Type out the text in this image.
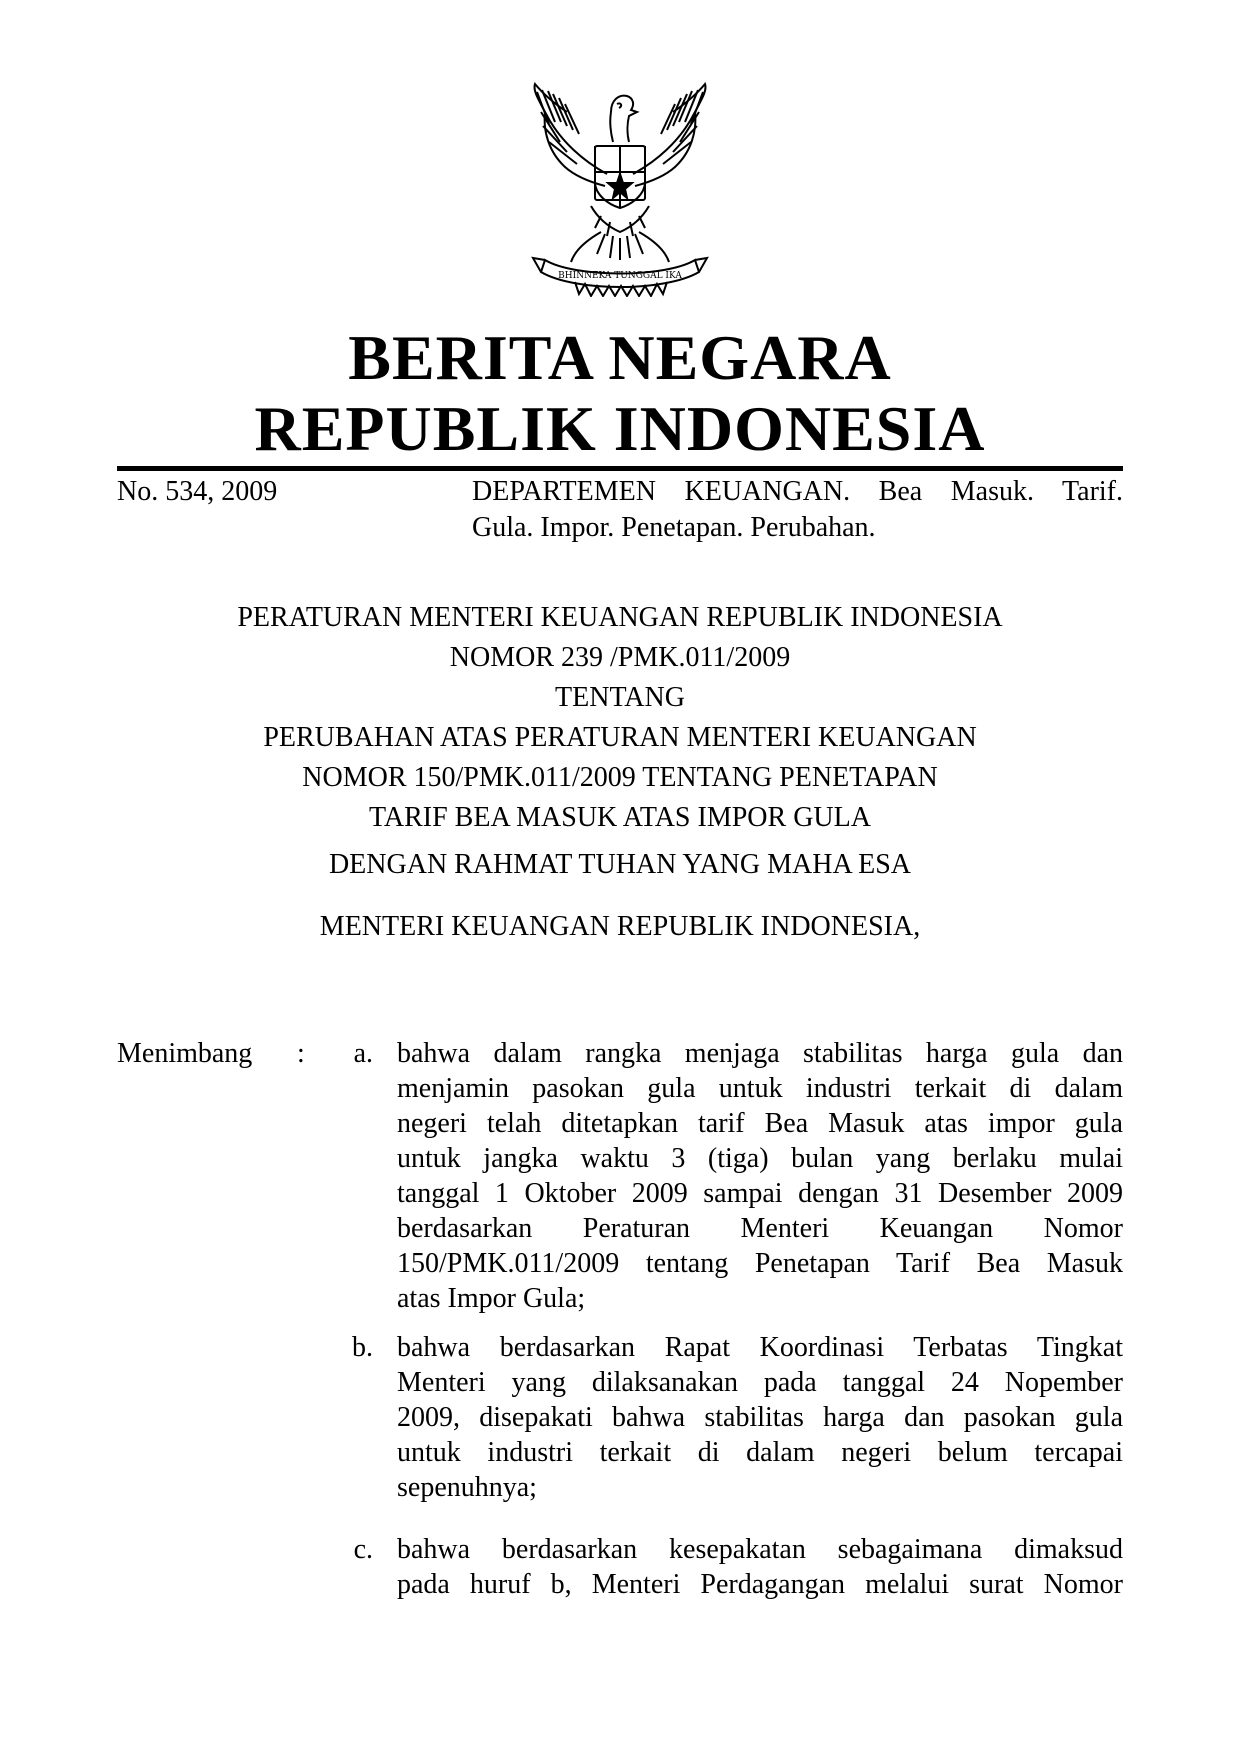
BHINNEKA TUNGGAL IKA
BERITA NEGARA
REPUBLIK INDONESIA
No. 534, 2009	DEPARTEMEN KEUANGAN. Bea Masuk. Tarif.
Gula. Impor. Penetapan. Perubahan.
PERATURAN MENTERI KEUANGAN REPUBLIK INDONESIA
NOMOR 239 /PMK.011/2009
TENTANG
PERUBAHAN ATAS PERATURAN MENTERI KEUANGAN
NOMOR 150/PMK.011/2009 TENTANG PENETAPAN
TARIF BEA MASUK ATAS IMPOR GULA
DENGAN RAHMAT TUHAN YANG MAHA ESA
MENTERI KEUANGAN REPUBLIK INDONESIA,
Menimbang :	a. bahwa dalam rangka menjaga stabilitas harga gula dan
menjamin pasokan gula untuk industri terkait di dalam
negeri telah ditetapkan tarif Bea Masuk atas impor gula
untuk jangka waktu 3 (tiga) bulan yang berlaku mulai
tanggal 1 Oktober 2009 sampai dengan 31 Desember 2009
berdasarkan Peraturan Menteri Keuangan Nomor
150/PMK.011/2009 tentang Penetapan Tarif Bea Masuk
atas Impor Gula;
b. bahwa berdasarkan Rapat Koordinasi Terbatas Tingkat
Menteri yang dilaksanakan pada tanggal 24 Nopember
2009, disepakati bahwa stabilitas harga dan pasokan gula
untuk industri terkait di dalam negeri belum tercapai
sepenuhnya;
c. bahwa berdasarkan kesepakatan sebagaimana dimaksud
pada huruf b, Menteri Perdagangan melalui surat Nomor
